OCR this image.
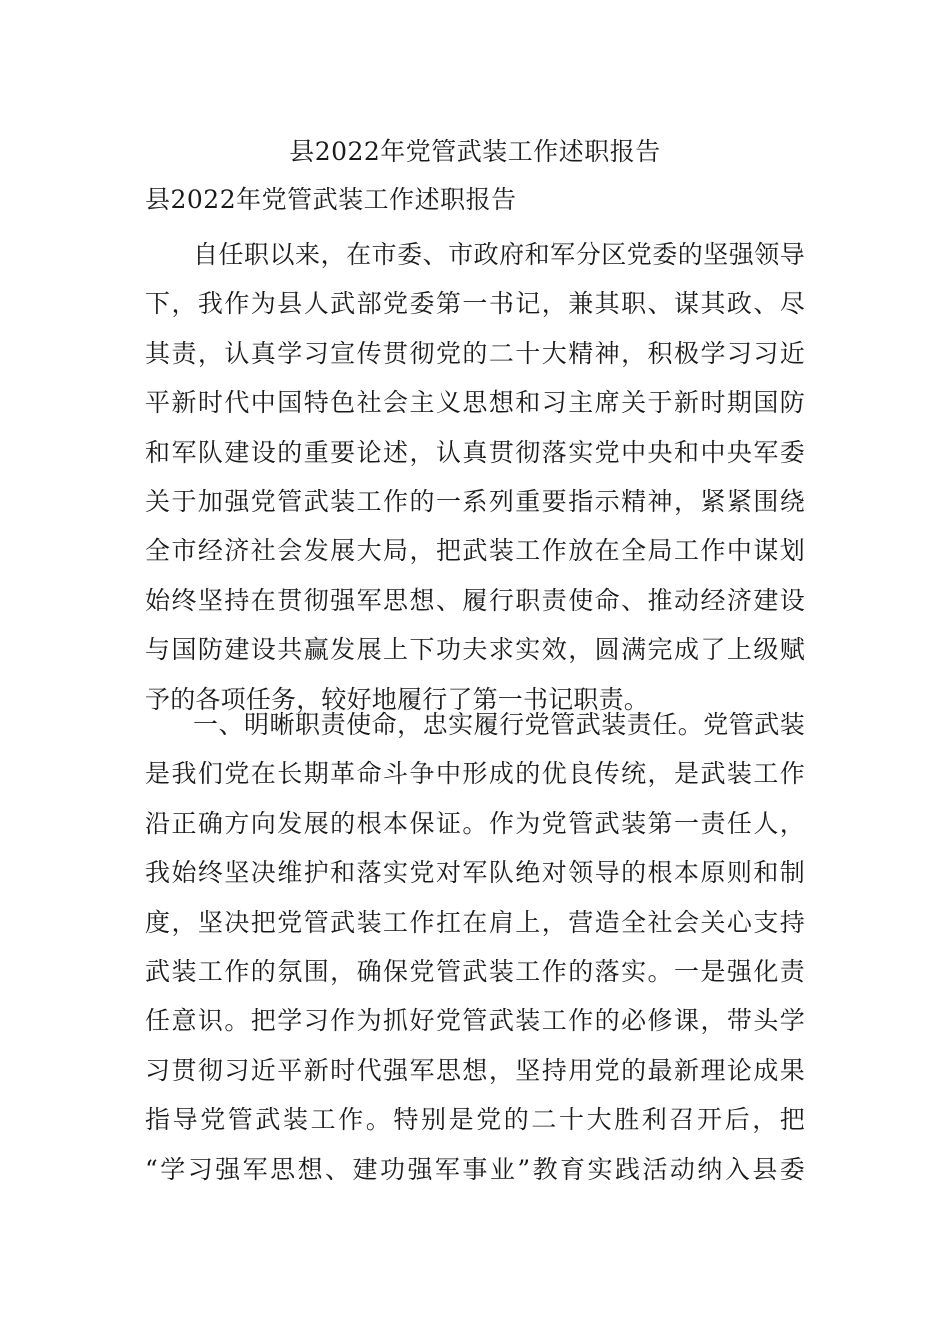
县2022年党管武装工作述职报告
县2022年党管武装工作述职报告
自任职以来，在市委、市政府和军分区党委的坚强领导
下，我作为县人武部党委第一书记，兼其职、谋其政、尽
其责，认真学习宣传贯彻党的二十大精神，积极学习习近
平新时代中国特色社会主义思想和习主席关于新时期国防
和军队建设的重要论述，认真贯彻落实党中央和中央军委
关于加强党管武装工作的一系列重要指示精神，紧紧围绕
全市经济社会发展大局，把武装工作放在全局工作中谋划
始终坚持在贯彻强军思想、履行职责使命、推动经济建设
与国防建设共赢发展上下功夫求实效，圆满完成了上级赋
予的各项任务，较好地履行了第一书记职责。
一、明晰职责使命，忠实履行党管武装责任。党管武装
是我们党在长期革命斗争中形成的优良传统，是武装工作
沿正确方向发展的根本保证。作为党管武装第一责任人，
我始终坚决维护和落实党对军队绝对领导的根本原则和制
度，坚决把党管武装工作扛在肩上，营造全社会关心支持
武装工作的氛围，确保党管武装工作的落实。一是强化责
任意识。把学习作为抓好党管武装工作的必修课，带头学
习贯彻习近平新时代强军思想，坚持用党的最新理论成果
指导党管武装工作。特别是党的二十大胜利召开后，把
“学习强军思想、建功强军事业”教育实践活动纳入县委
